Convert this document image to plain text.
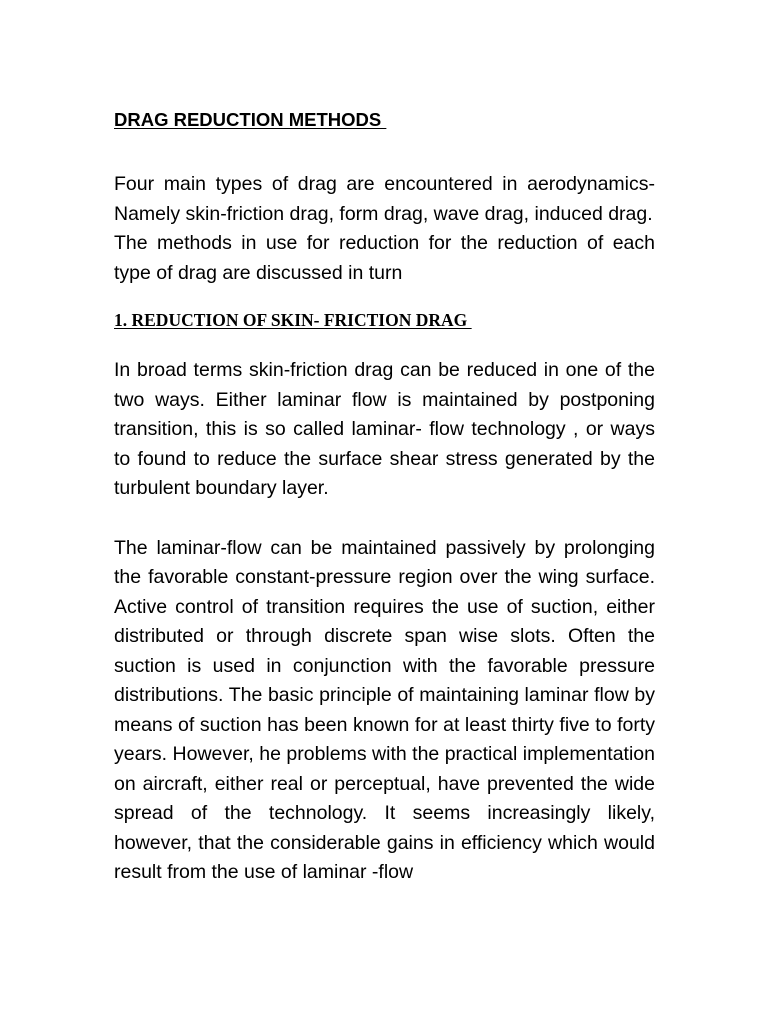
DRAG REDUCTION METHODS

Four main types of drag are encountered in aerodynamics- Namely skin-friction drag, form drag, wave drag, induced drag.

The methods in use for reduction for the reduction of each type of drag are discussed in turn

1. REDUCTION OF SKIN- FRICTION DRAG

In broad terms skin-friction drag can be reduced in one of the two ways. Either laminar flow is maintained by postponing transition, this is so called laminar- flow technology , or ways to found to reduce the surface shear stress generated by the turbulent boundary layer.

The laminar-flow can be maintained passively by prolonging the favorable constant-pressure region over the wing surface. Active control of transition requires the use of suction, either distributed or through discrete span wise slots. Often the suction is used in conjunction with the favorable pressure distributions. The basic principle of maintaining laminar flow by means of suction has been known for at least thirty five to forty years. However, he problems with the practical implementation on aircraft, either real or perceptual, have prevented the wide spread of the technology. It seems increasingly likely, however, that the considerable gains in efficiency which would result from the use of laminar -flow
